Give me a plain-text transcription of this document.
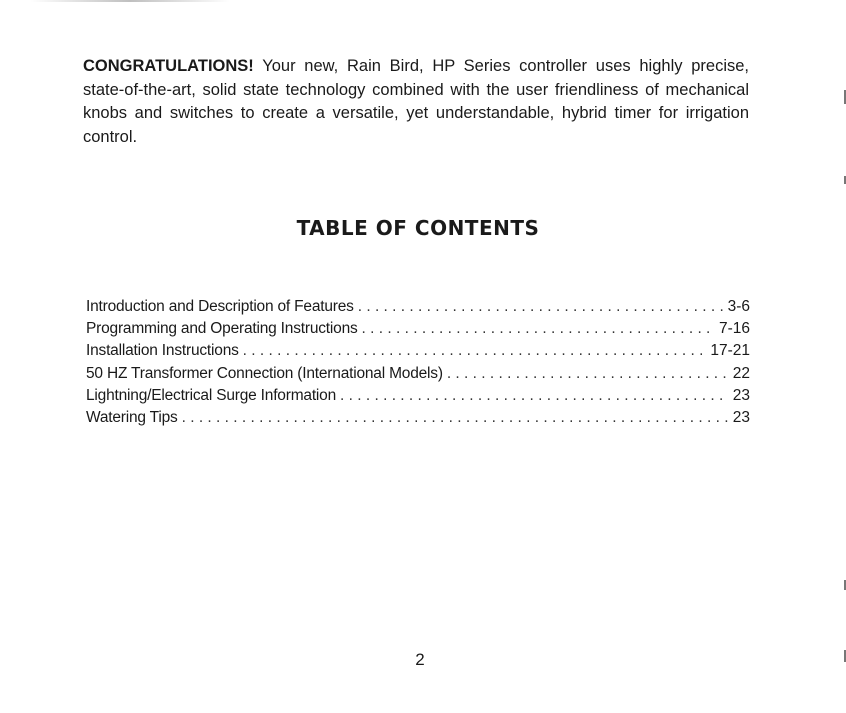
CONGRATULATIONS! Your new, Rain Bird, HP Series controller uses highly precise, state-of-the-art, solid state technology combined with the user friendliness of mechanical knobs and switches to create a versatile, yet understandable, hybrid timer for irrigation control.

TABLE OF CONTENTS
Introduction and Description of Features . . .	3-6
Programming and Operating Instructions . . .	7-16
Installation Instructions . . .	17-21
50 HZ Transformer Connection (International Models) . . .	22
Lightning/Electrical Surge Information . . .	23
Watering Tips . . .	23

2
